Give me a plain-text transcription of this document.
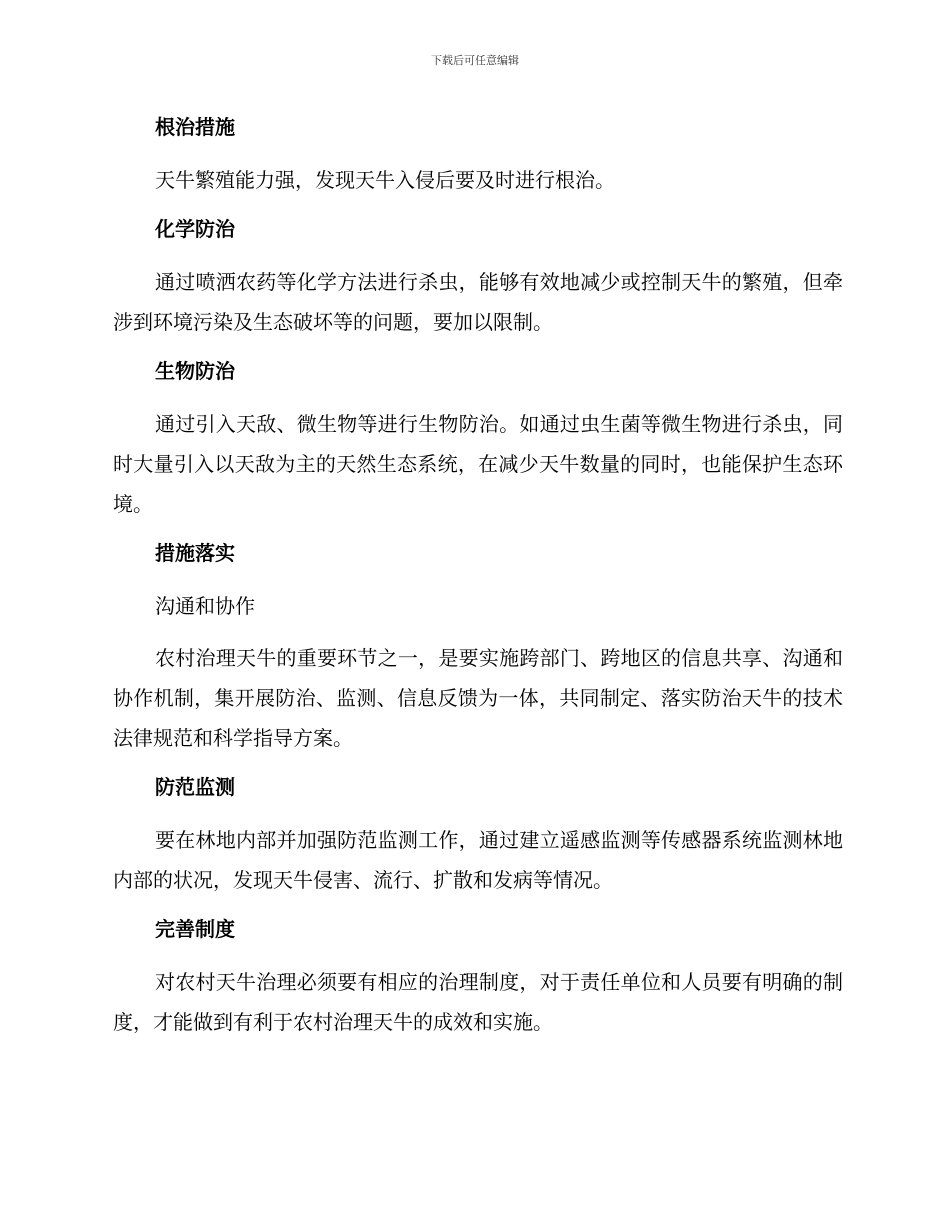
下载后可任意编辑
根治措施
天牛繁殖能力强，发现天牛入侵后要及时进行根治。
化学防治
通过喷洒农药等化学方法进行杀虫，能够有效地减少或控制天牛的繁殖，但牵涉到环境污染及生态破坏等的问题，要加以限制。
生物防治
通过引入天敌、微生物等进行生物防治。如通过虫生菌等微生物进行杀虫，同时大量引入以天敌为主的天然生态系统，在减少天牛数量的同时，也能保护生态环境。
措施落实
沟通和协作
农村治理天牛的重要环节之一，是要实施跨部门、跨地区的信息共享、沟通和协作机制，集开展防治、监测、信息反馈为一体，共同制定、落实防治天牛的技术法律规范和科学指导方案。
防范监测
要在林地内部并加强防范监测工作，通过建立遥感监测等传感器系统监测林地内部的状况，发现天牛侵害、流行、扩散和发病等情况。
完善制度
对农村天牛治理必须要有相应的治理制度，对于责任单位和人员要有明确的制度，才能做到有利于农村治理天牛的成效和实施。
